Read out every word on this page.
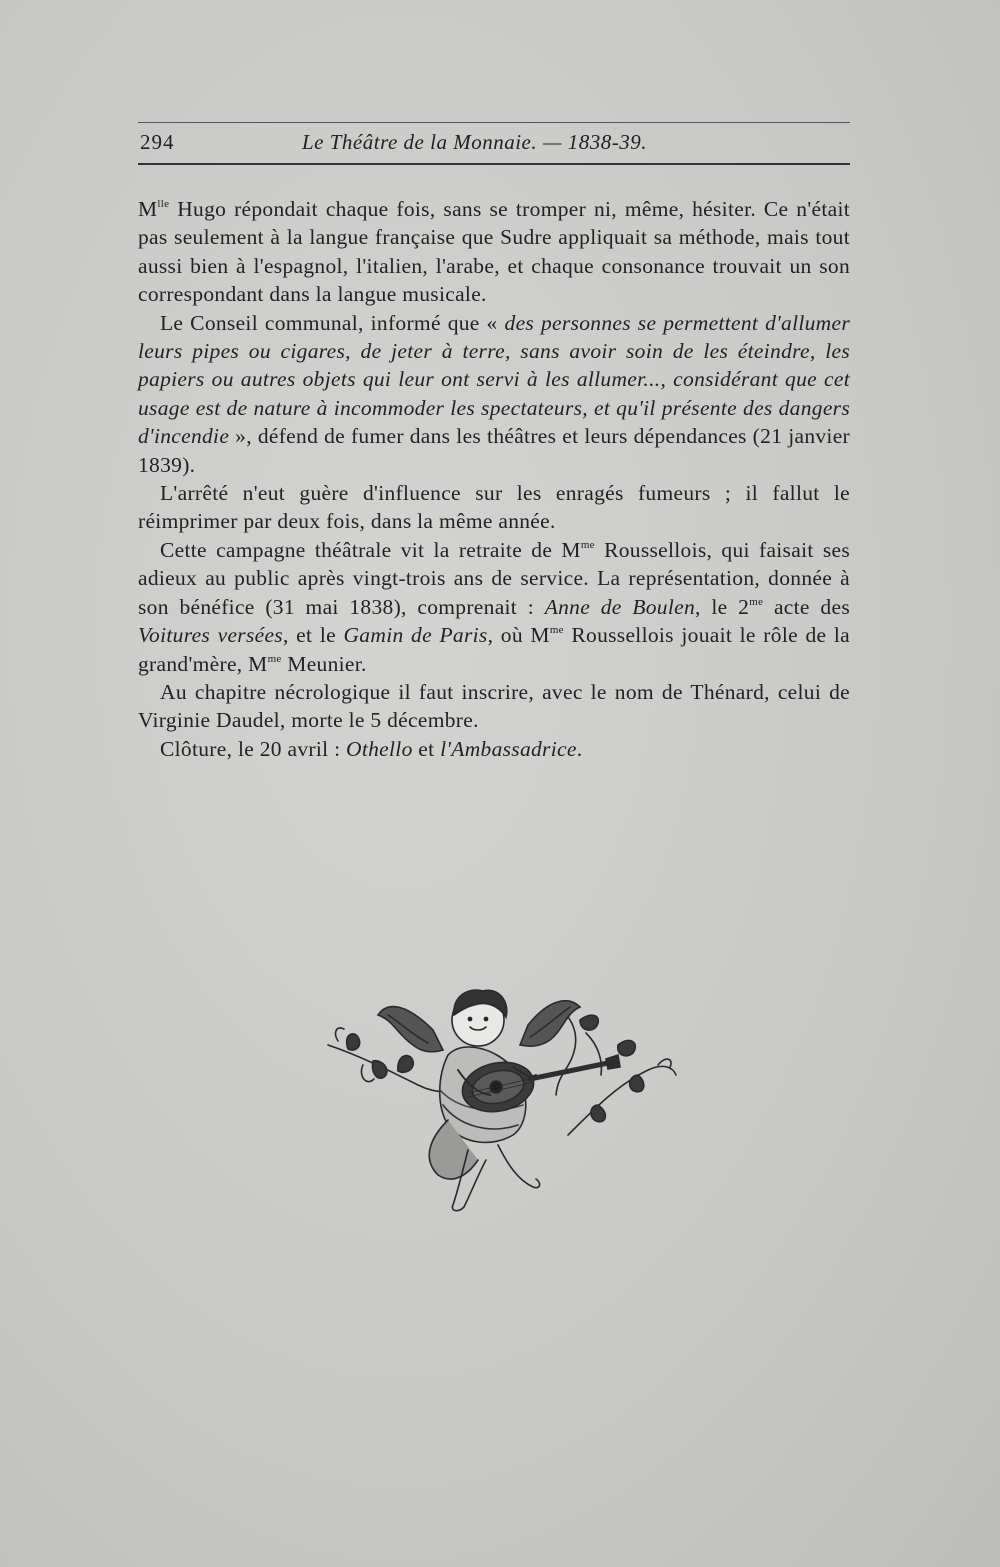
294	Le Théâtre de la Monnaie. — 1838-39.

$M^{lle}$ Hugo répondait chaque fois, sans se tromper ni, même, hésiter. Ce n'était pas seulement à la langue française que Sudre appliquait sa méthode, mais tout aussi bien à l'espagnol, l'italien, l'arabe, et chaque consonance trouvait un son correspondant dans la langue musicale.

Le Conseil communal, informé que « des personnes se permettent d'allumer leurs pipes ou cigares, de jeter à terre, sans avoir soin de les éteindre, les papiers ou autres objets qui leur ont servi à les allumer..., considérant que cet usage est de nature à incommoder les spectateurs, et qu'il présente des dangers d'incendie », défend de fumer dans les théâtres et leurs dépendances (21 janvier 1839).

L'arrêté n'eut guère d'influence sur les enragés fumeurs ; il fallut le réimprimer par deux fois, dans la même année.

Cette campagne théâtrale vit la retraite de $M^{me}$ Roussellois, qui faisait ses adieux au public après vingt-trois ans de service. La représentation, donnée à son bénéfice (31 mai 1838), comprenait : Anne de Boulen, le $2^{me}$ acte des Voitures versées, et le Gamin de Paris, où $M^{me}$ Roussellois jouait le rôle de la grand'mère, $M^{me}$ Meunier.

Au chapitre nécrologique il faut inscrire, avec le nom de Thénard, celui de Virginie Daudel, morte le 5 décembre.

Clôture, le 20 avril : Othello et l'Ambassadrice.
